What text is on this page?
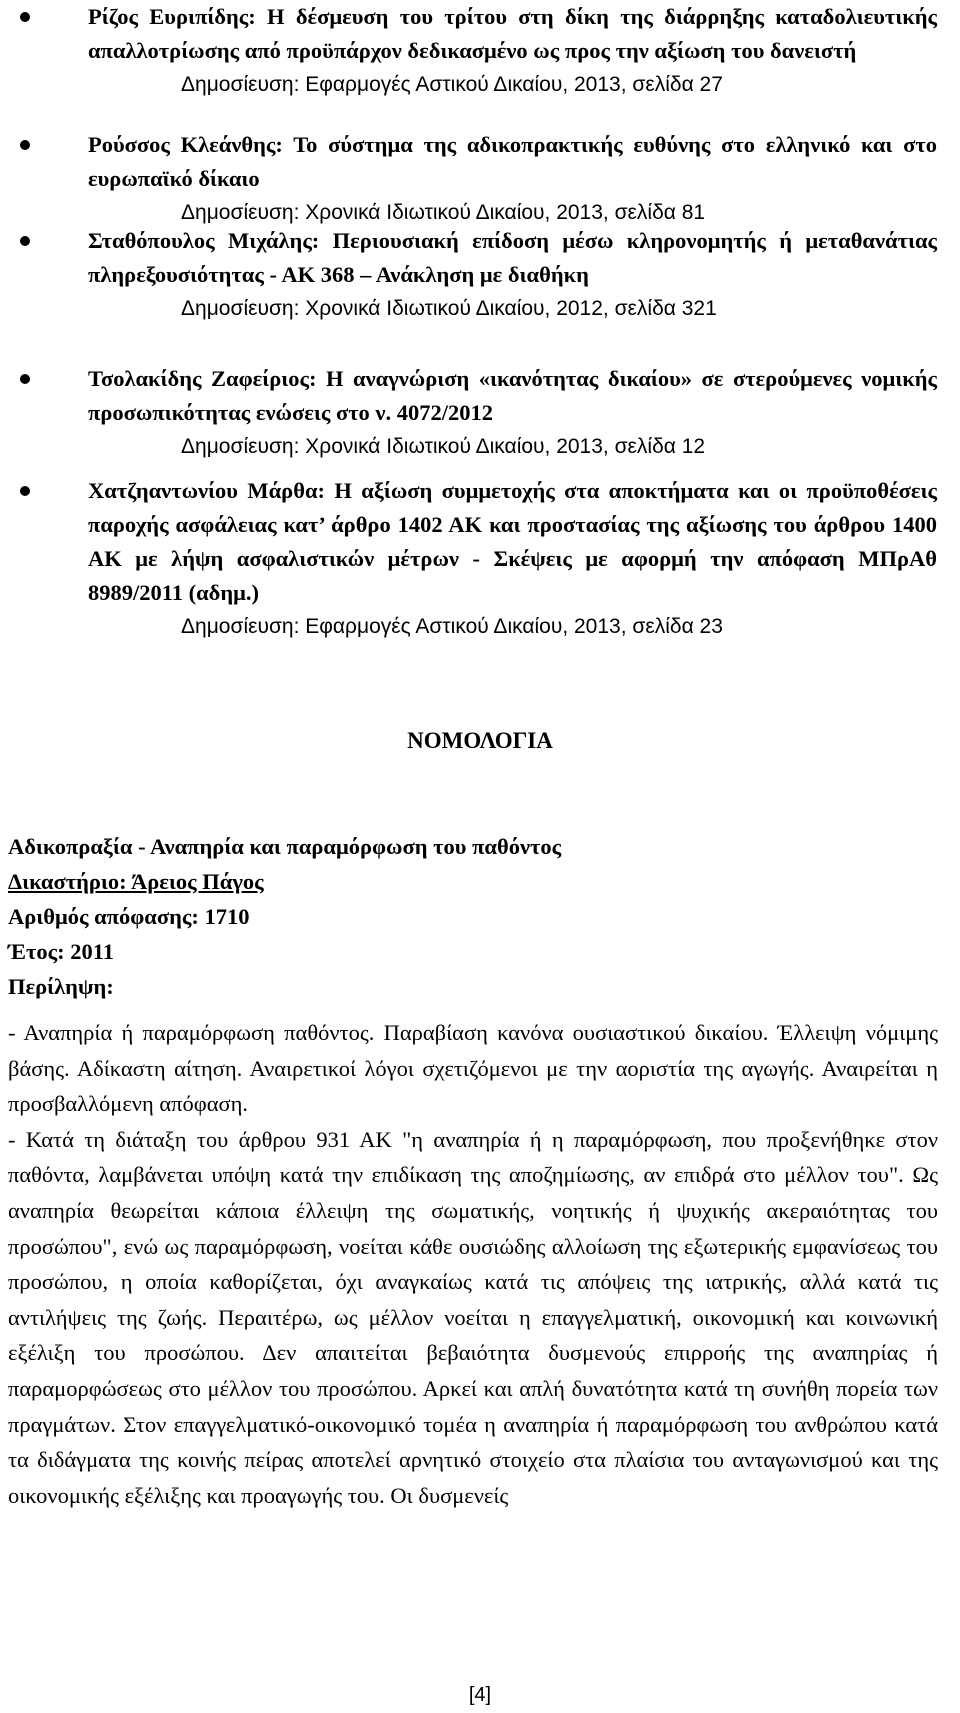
Ρίζος Ευριπίδης: Η δέσμευση του τρίτου στη δίκη της διάρρηξης καταδολιευτικής απαλλοτρίωσης από προϋπάρχον δεδικασμένο ως προς την αξίωση του δανειστή
Δημοσίευση: Εφαρμογές Αστικού Δικαίου, 2013, σελίδα 27
Ρούσσος Κλεάνθης: Το σύστημα της αδικοπρακτικής ευθύνης στο ελληνικό και στο ευρωπαϊκό δίκαιο
Δημοσίευση: Χρονικά Ιδιωτικού Δικαίου, 2013, σελίδα 81
Σταθόπουλος Μιχάλης: Περιουσιακή επίδοση μέσω κληρονομητής ή μεταθανάτιας πληρεξουσιότητας - ΑΚ 368 – Ανάκληση με διαθήκη
Δημοσίευση: Χρονικά Ιδιωτικού Δικαίου, 2012, σελίδα 321
Τσολακίδης Ζαφείριος: Η αναγνώριση «ικανότητας δικαίου» σε στερούμενες νομικής προσωπικότητας ενώσεις στο ν. 4072/2012
Δημοσίευση: Χρονικά Ιδιωτικού Δικαίου, 2013, σελίδα 12
Χατζηαντωνίου Μάρθα: Η αξίωση συμμετοχής στα αποκτήματα και οι προϋποθέσεις παροχής ασφάλειας κατ’ άρθρο 1402 ΑΚ και προστασίας της αξίωσης του άρθρου 1400 ΑΚ με λήψη ασφαλιστικών μέτρων - Σκέψεις με αφορμή την απόφαση ΜΠρΑθ 8989/2011 (αδημ.)
Δημοσίευση: Εφαρμογές Αστικού Δικαίου, 2013, σελίδα 23
ΝΟΜΟΛΟΓΙΑ
Αδικοπραξία - Αναπηρία και παραμόρφωση του παθόντος
Δικαστήριο: Άρειος Πάγος
Αριθμός απόφασης: 1710
Έτος: 2011
Περίληψη:

- Αναπηρία ή παραμόρφωση παθόντος. Παραβίαση κανόνα ουσιαστικού δικαίου. Έλλειψη νόμιμης βάσης. Αδίκαστη αίτηση. Αναιρετικοί λόγοι σχετιζόμενοι με την αοριστία της αγωγής. Αναιρείται η προσβαλλόμενη απόφαση.

- Κατά τη διάταξη του άρθρου 931 ΑΚ "η αναπηρία ή η παραμόρφωση, που προξενήθηκε στον παθόντα, λαμβάνεται υπόψη κατά την επιδίκαση της αποζημίωσης, αν επιδρά στο μέλλον του". Ως αναπηρία θεωρείται κάποια έλλειψη της σωματικής, νοητικής ή ψυχικής ακεραιότητας του προσώπου", ενώ ως παραμόρφωση, νοείται κάθε ουσιώδης αλλοίωση της εξωτερικής εμφανίσεως του προσώπου, η οποία καθορίζεται, όχι αναγκαίως κατά τις απόψεις της ιατρικής, αλλά κατά τις αντιλήψεις της ζωής. Περαιτέρω, ως μέλλον νοείται η επαγγελματική, οικονομική και κοινωνική εξέλιξη του προσώπου. Δεν απαιτείται βεβαιότητα δυσμενούς επιρροής της αναπηρίας ή παραμορφώσεως στο μέλλον του προσώπου. Αρκεί και απλή δυνατότητα κατά τη συνήθη πορεία των πραγμάτων. Στον επαγγελματικό-οικονομικό τομέα η αναπηρία ή παραμόρφωση του ανθρώπου κατά τα διδάγματα της κοινής πείρας αποτελεί αρνητικό στοιχείο στα πλαίσια του ανταγωνισμού και της οικονομικής εξέλιξης και προαγωγής του. Οι δυσμενείς

[4]
